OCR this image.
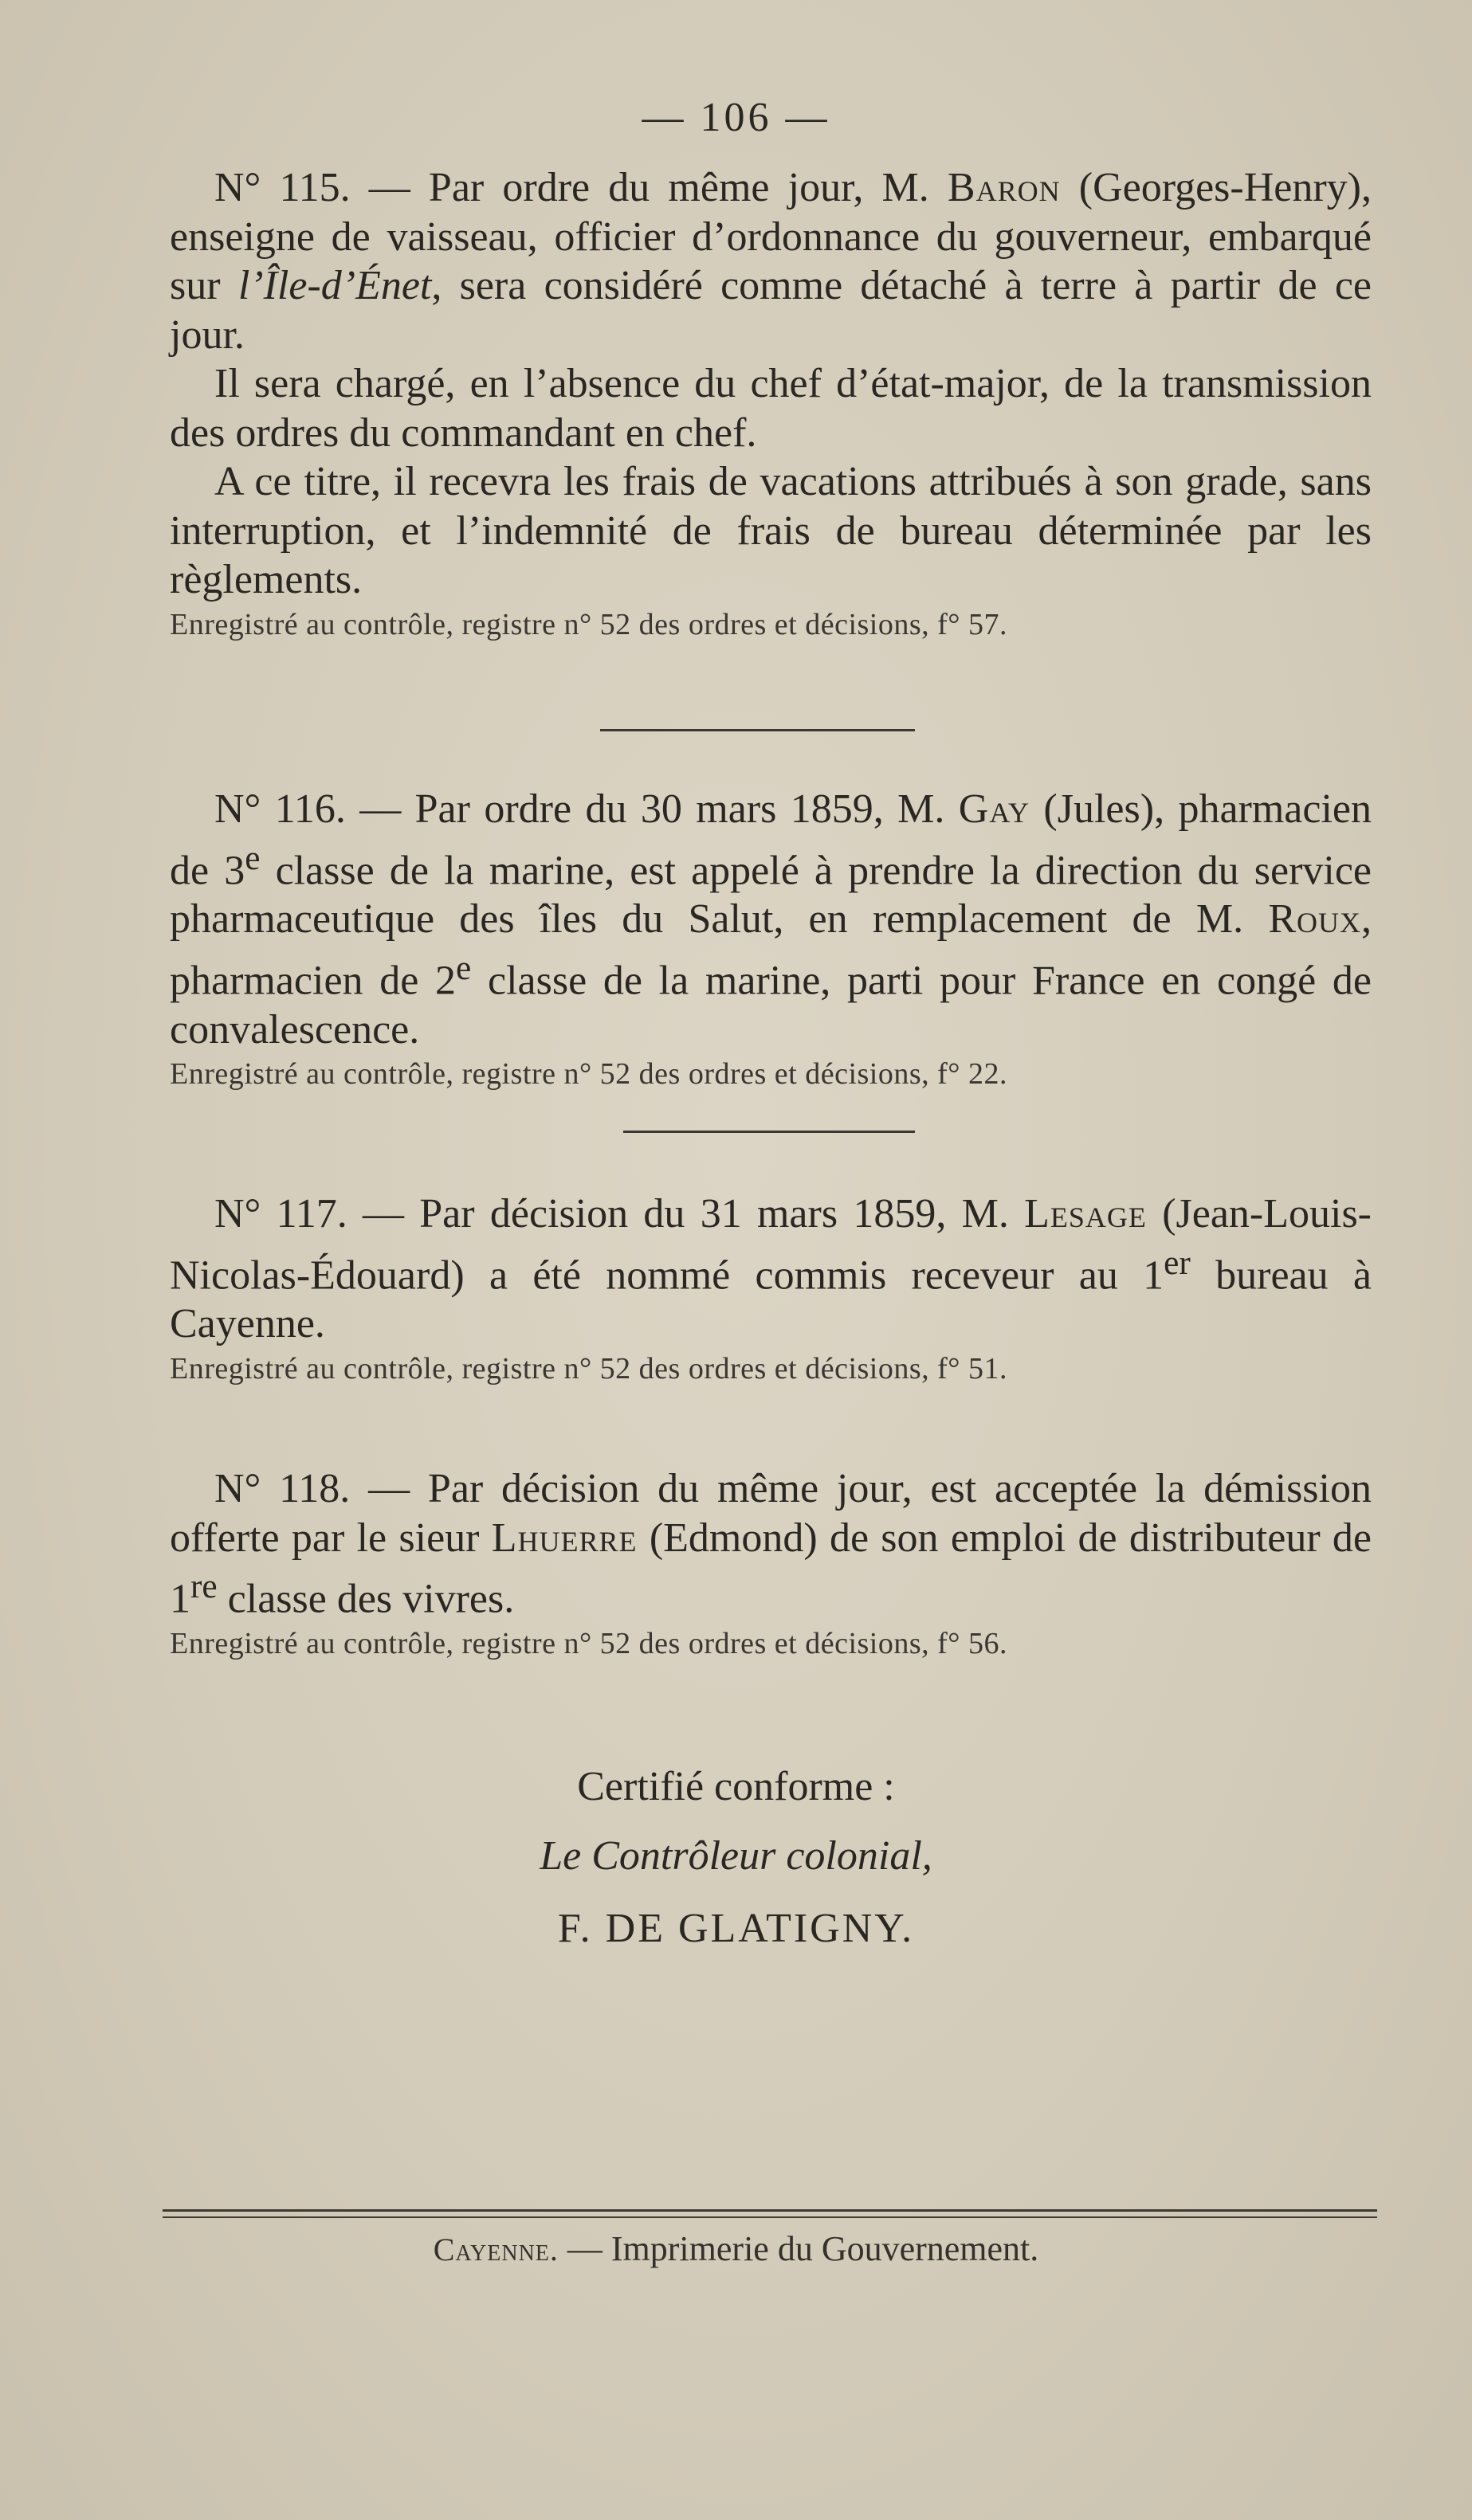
— 106 —

N° 115. — Par ordre du même jour, M. Baron (Georges-Henry), enseigne de vaisseau, officier d’ordonnance du gouverneur, embarqué sur l’Île-d’Énet, sera considéré comme détaché à terre à partir de ce jour.

Il sera chargé, en l’absence du chef d’état-major, de la transmission des ordres du commandant en chef.

A ce titre, il recevra les frais de vacations attribués à son grade, sans interruption, et l’indemnité de frais de bureau déterminée par les règlements.

Enregistré au contrôle, registre n° 52 des ordres et décisions, f° 57.

N° 116. — Par ordre du 30 mars 1859, M. Gay (Jules), pharmacien de 3e classe de la marine, est appelé à prendre la direction du service pharmaceutique des îles du Salut, en remplacement de M. Roux, pharmacien de 2e classe de la marine, parti pour France en congé de convalescence.

Enregistré au contrôle, registre n° 52 des ordres et décisions, f° 22.

N° 117. — Par décision du 31 mars 1859, M. Lesage (Jean-Louis-Nicolas-Édouard) a été nommé commis receveur au 1er bureau à Cayenne.

Enregistré au contrôle, registre n° 52 des ordres et décisions, f° 51.

N° 118. — Par décision du même jour, est acceptée la démission offerte par le sieur Lhuerre (Edmond) de son emploi de distributeur de 1re classe des vivres.

Enregistré au contrôle, registre n° 52 des ordres et décisions, f° 56.

Certifié conforme :
Le Contrôleur colonial,
F. DE GLATIGNY.
Cayenne. — Imprimerie du Gouvernement.
